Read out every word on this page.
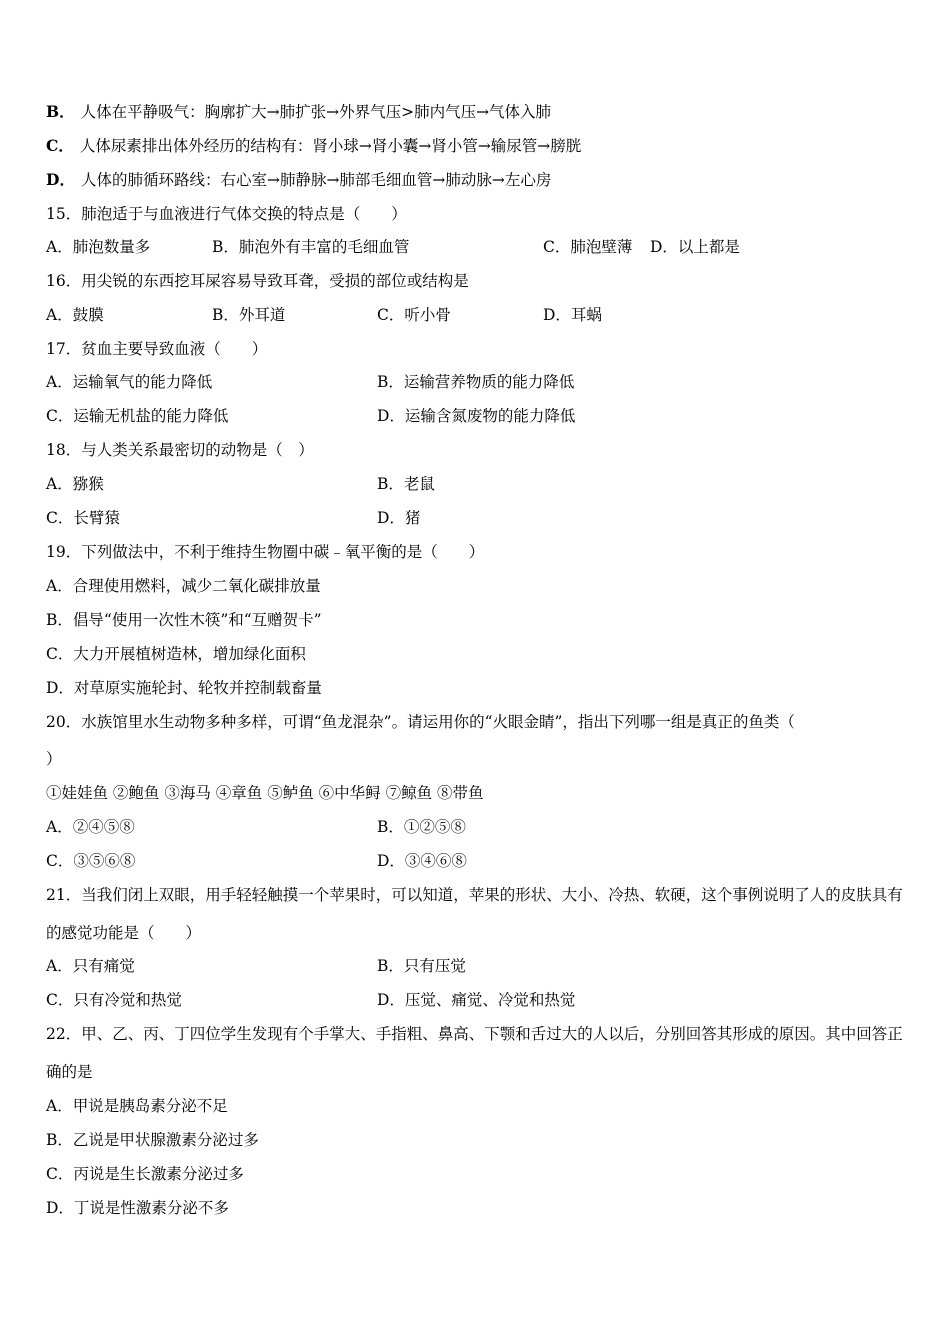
B． 人体在平静吸气：胸廓扩大→肺扩张→外界气压>肺内气压→气体入肺
C． 人体尿素排出体外经历的结构有：肾小球→肾小囊→肾小管→输尿管→膀胱
D． 人体的肺循环路线：右心室→肺静脉→肺部毛细血管→肺动脉→左心房
15．肺泡适于与血液进行气体交换的特点是（　　）
A．肺泡数量多	B．肺泡外有丰富的毛细血管	C．肺泡壁薄 D．以上都是
16．用尖锐的东西挖耳屎容易导致耳聋，受损的部位或结构是
A．鼓膜	B．外耳道	C．听小骨	D．耳蜗
17．贫血主要导致血液（　　）
A．运输氧气的能力降低	B．运输营养物质的能力降低
C．运输无机盐的能力降低	D．运输含氮废物的能力降低
18．与人类关系最密切的动物是（　）
A．猕猴	B．老鼠
C．长臂猿	D．猪
19．下列做法中，不利于维持生物圈中碳﹣氧平衡的是（　　）
A．合理使用燃料，减少二氧化碳排放量
B．倡导“使用一次性木筷”和“互赠贺卡”
C．大力开展植树造林，增加绿化面积
D．对草原实施轮封、轮牧并控制载畜量
20．水族馆里水生动物多种多样，可谓“鱼龙混杂”。请运用你的“火眼金睛”，指出下列哪一组是真正的鱼类（
）
①娃娃鱼 ②鲍鱼 ③海马 ④章鱼 ⑤鲈鱼 ⑥中华鲟 ⑦鲸鱼 ⑧带鱼
A．②④⑤⑧	B．①②⑤⑧
C．③⑤⑥⑧	D．③④⑥⑧
21．当我们闭上双眼，用手轻轻触摸一个苹果时，可以知道，苹果的形状、大小、冷热、软硬，这个事例说明了人的皮肤具有的感觉功能是（　　）
A．只有痛觉	B．只有压觉
C．只有冷觉和热觉	D．压觉、痛觉、冷觉和热觉
22．甲、乙、丙、丁四位学生发现有个手掌大、手指粗、鼻高、下颚和舌过大的人以后，分别回答其形成的原因。其中回答正确的是
A．甲说是胰岛素分泌不足
B．乙说是甲状腺激素分泌过多
C．丙说是生长激素分泌过多
D．丁说是性激素分泌不多
